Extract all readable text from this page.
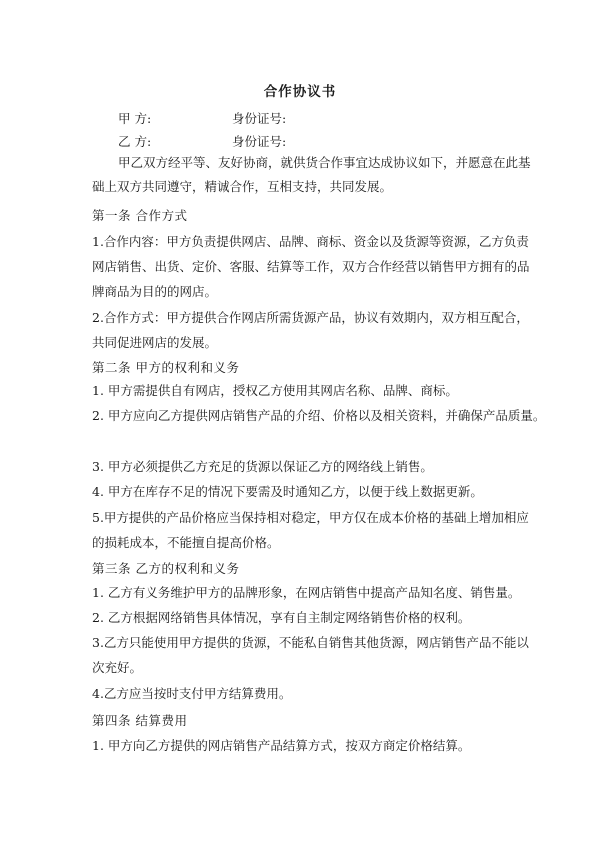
合作协议书
甲 方:	身份证号:
乙 方:	身份证号:
甲乙双方经平等、友好协商，就供货合作事宜达成协议如下，并愿意在此基
础上双方共同遵守，精诚合作，互相支持，共同发展。
第一条 合作方式
1.合作内容：甲方负责提供网店、品牌、商标、资金以及货源等资源，乙方负责
网店销售、出货、定价、客服、结算等工作，双方合作经营以销售甲方拥有的品
牌商品为目的的网店。
2.合作方式：甲方提供合作网店所需货源产品，协议有效期内，双方相互配合，
共同促进网店的发展。
第二条 甲方的权利和义务
1. 甲方需提供自有网店，授权乙方使用其网店名称、品牌、商标。
2. 甲方应向乙方提供网店销售产品的介绍、价格以及相关资料，并确保产品质量。
3. 甲方必须提供乙方充足的货源以保证乙方的网络线上销售。
4. 甲方在库存不足的情况下要需及时通知乙方，以便于线上数据更新。
5.甲方提供的产品价格应当保持相对稳定，甲方仅在成本价格的基础上增加相应
的损耗成本，不能擅自提高价格。
第三条 乙方的权利和义务
1. 乙方有义务维护甲方的品牌形象，在网店销售中提高产品知名度、销售量。
2. 乙方根据网络销售具体情况，享有自主制定网络销售价格的权利。
3.乙方只能使用甲方提供的货源，不能私自销售其他货源，网店销售产品不能以
次充好。
4.乙方应当按时支付甲方结算费用。
第四条 结算费用
1. 甲方向乙方提供的网店销售产品结算方式，按双方商定价格结算。
